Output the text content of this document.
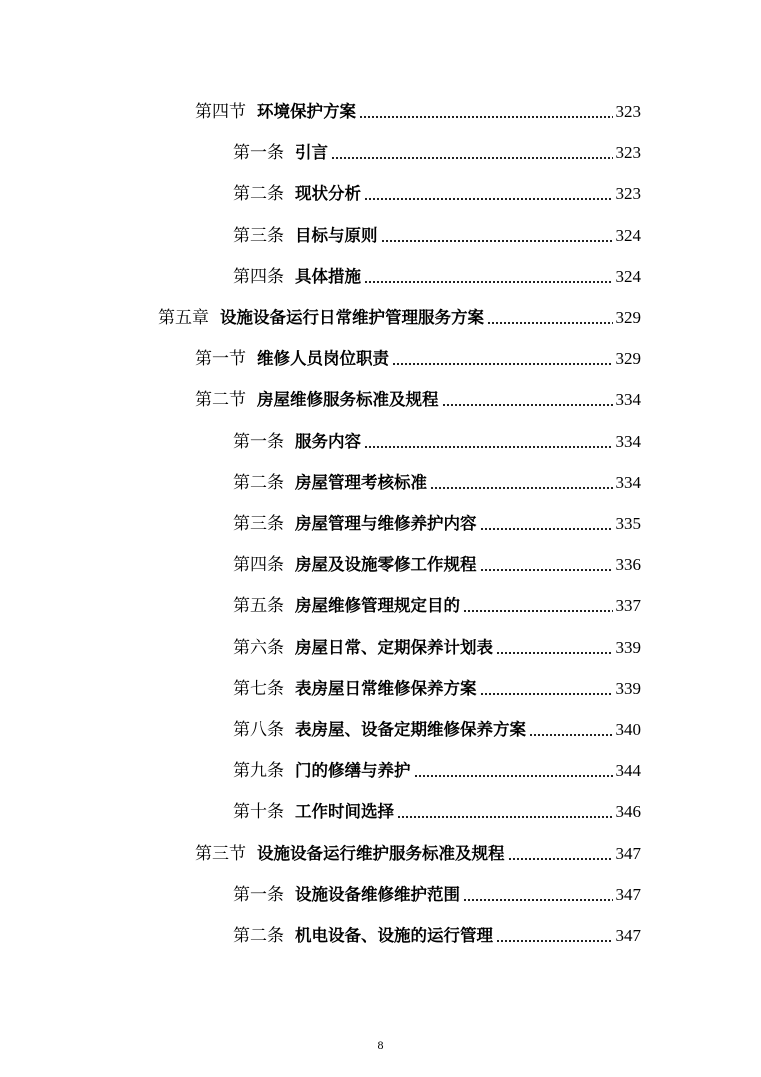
第四节 环境保护方案	323
第一条 引言	323
第二条 现状分析	323
第三条 目标与原则	324
第四条 具体措施	324
第五章 设施设备运行日常维护管理服务方案	329
第一节 维修人员岗位职责	329
第二节 房屋维修服务标准及规程	334
第一条 服务内容	334
第二条 房屋管理考核标准	334
第三条 房屋管理与维修养护内容	335
第四条 房屋及设施零修工作规程	336
第五条 房屋维修管理规定目的	337
第六条 房屋日常、定期保养计划表	339
第七条 表房屋日常维修保养方案	339
第八条 表房屋、设备定期维修保养方案	340
第九条 门的修缮与养护	344
第十条 工作时间选择	346
第三节 设施设备运行维护服务标准及规程	347
第一条 设施设备维修维护范围	347
第二条 机电设备、设施的运行管理	347
8
